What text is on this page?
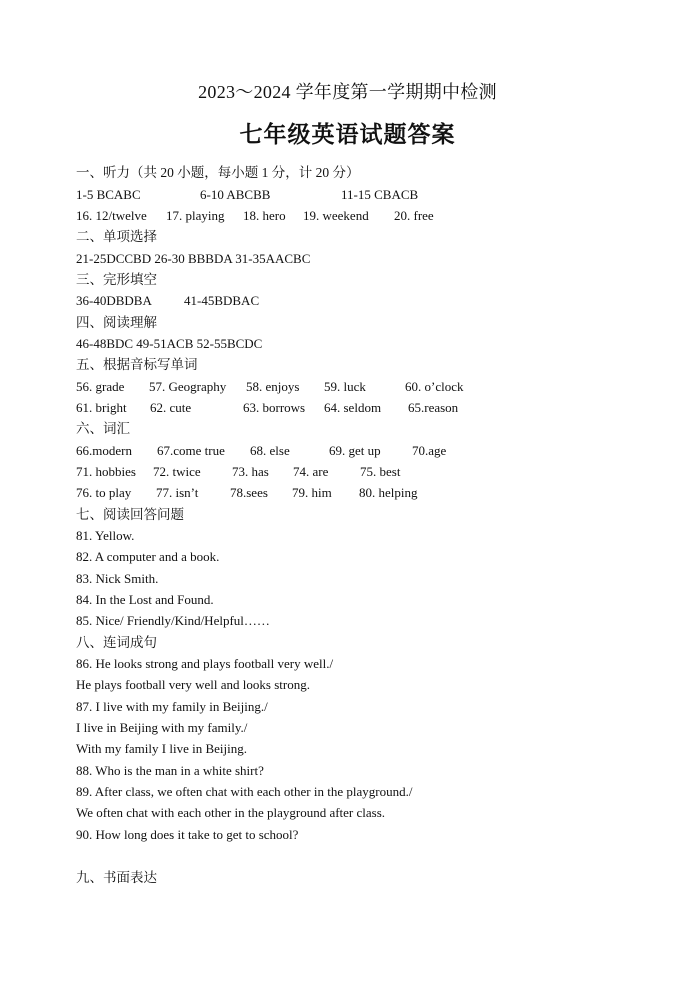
2023～2024 学年度第一学期期中检测
七年级英语试题答案
一、听力（共 20 小题，每小题 1 分，计 20 分）
1-5 BCABC	6-10 ABCBB	11-15 CBACB
16. 12/twelve 17. playing 18. hero 19. weekend 20. free
二、单项选择
21-25DCCBD 26-30 BBBDA 31-35AACBC
三、完形填空
36-40DBDBA 41-45BDBAC
四、阅读理解
46-48BDC 49-51ACB 52-55BCDC
五、根据音标写单词
56. grade 57. Geography 58. enjoys 59. luck	60. o’clock
61. bright 62. cute	63. borrows 64. seldom 65.reason
六、词汇
66.modern 67.come true 68. else	69. get up 70.age
71. hobbies 72. twice 73. has 74. are 75. best
76. to play 77. isn’t 78.sees 79. him 80. helping
七、阅读回答问题
81. Yellow.
82. A computer and a book.
83. Nick Smith.
84. In the Lost and Found.
85. Nice/ Friendly/Kind/Helpful……
八、连词成句
86. He looks strong and plays football very well./
He plays football very well and looks strong.
87. I live with my family in Beijing./
I live in Beijing with my family./
With my family I live in Beijing.
88. Who is the man in a white shirt?
89. After class, we often chat with each other in the playground./
We often chat with each other in the playground after class.
90. How long does it take to get to school?
九、书面表达
